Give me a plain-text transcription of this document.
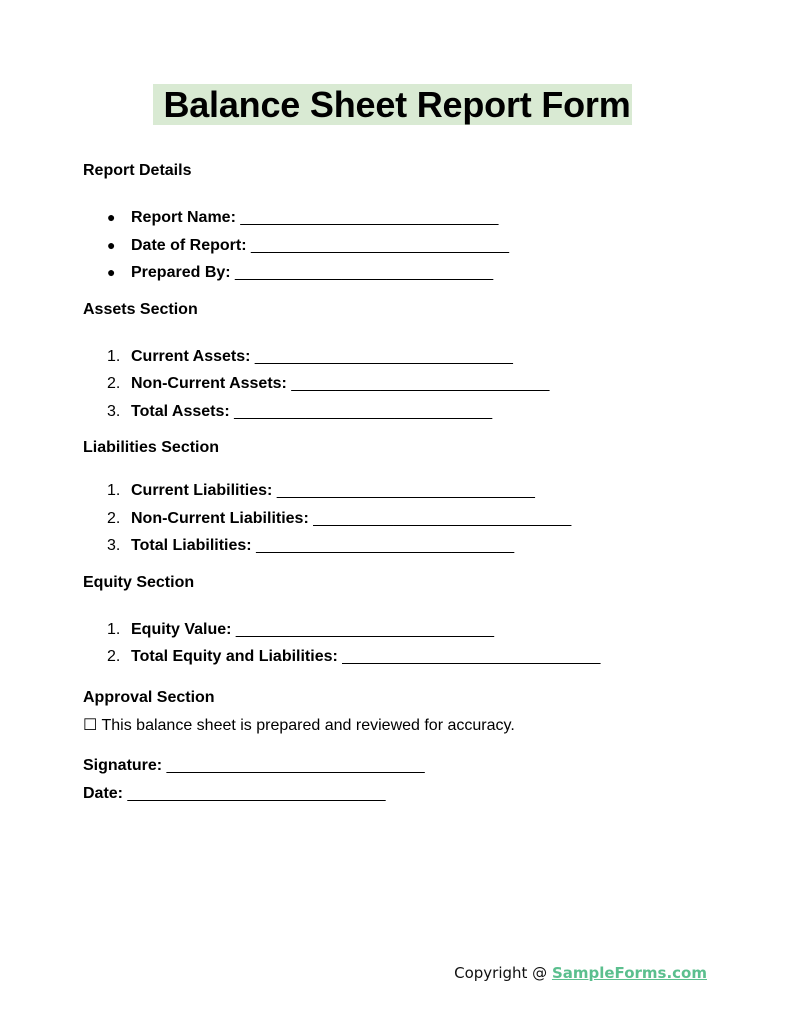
Balance Sheet Report Form
Report Details
● Report Name: _____________________________
● Date of Report: _____________________________
● Prepared By: _____________________________
Assets Section
1. Current Assets: _____________________________
2. Non-Current Assets: _____________________________
3. Total Assets: _____________________________
Liabilities Section
1. Current Liabilities: _____________________________
2. Non-Current Liabilities: _____________________________
3. Total Liabilities: _____________________________
Equity Section
1. Equity Value: _____________________________
2. Total Equity and Liabilities: _____________________________
Approval Section
☐ This balance sheet is prepared and reviewed for accuracy.
Signature: _____________________________
Date: _____________________________
Copyright @ SampleForms.com
